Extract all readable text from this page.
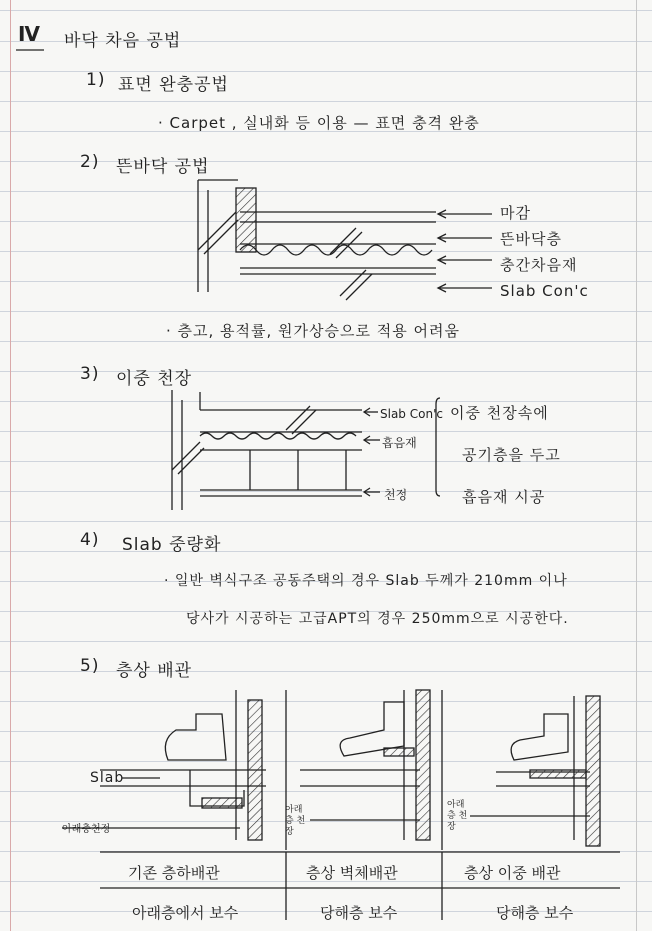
Ⅳ 바닥 차음 공법
1) 표면 완충공법
· Carpet , 실내화 등 이용 — 표면 충격 완충
2) 뜬바닥 공법
마감
뜬바닥층
충간차음재
Slab Con'c
· 층고, 용적률, 원가상승으로 적용 어려움
3) 이중 천장
Slab Con'c
흡음재
천정
이중 천장속에
공기층을 두고
흡음재 시공
4) Slab 중량화
· 일반 벽식구조 공동주택의 경우 Slab 두께가 210mm 이나
당사가 시공하는 고급APT의 경우 250mm으로 시공한다.
5) 층상 배관
Slab
아래층천정
아래층 천장
아래층 천장
기존 층하배관	층상 벽체배관	층상 이중 배관
아래층에서 보수	당해층 보수	당해층 보수
